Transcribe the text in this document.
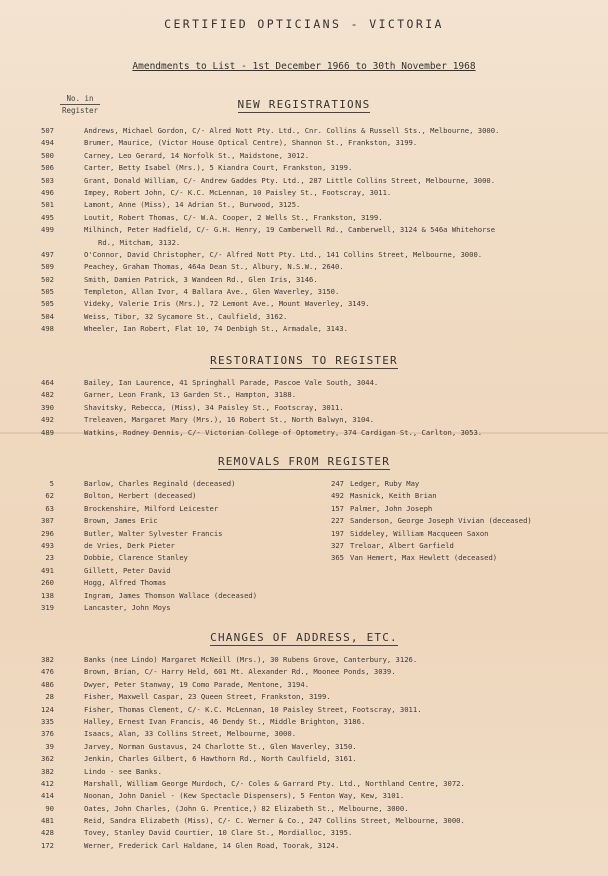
CERTIFIED OPTICIANS - VICTORIA
Amendments to List - 1st December 1966 to 30th November 1968
No. in
Register	NEW REGISTRATIONS
507	Andrews, Michael Gordon, C/- Alred Nott Pty. Ltd., Cnr. Collins & Russell Sts., Melbourne, 3000.
494	Brumer, Maurice, (Victor House Optical Centre), Shannon St., Frankston, 3199.
500	Carney, Leo Gerard, 14 Norfolk St., Maidstone, 3012.
506	Carter, Betty Isabel (Mrs.), 5 Kiandra Court, Frankston, 3199.
503	Grant, Donald William, C/- Andrew Gaddes Pty. Ltd., 287 Little Collins Street, Melbourne, 3000.
496	Impey, Robert John, C/- K.C. McLennan, 10 Paisley St., Footscray, 3011.
501	Lamont, Anne (Miss), 14 Adrian St., Burwood, 3125.
495	Loutit, Robert Thomas, C/- W.A. Cooper, 2 Wells St., Frankston, 3199.
499	Milhinch, Peter Hadfield, C/- G.H. Henry, 19 Camberwell Rd., Camberwell, 3124 & 546a Whitehorse
Rd., Mitcham, 3132.
497	O'Connor, David Christopher, C/- Alfred Nott Pty. Ltd., 141 Collins Street, Melbourne, 3000.
509	Peachey, Graham Thomas, 464a Dean St., Albury, N.S.W., 2640.
502	Smith, Damien Patrick, 3 Wandeen Rd., Glen Iris, 3146.
505	Templeton, Allan Ivor, 4 Ballara Ave., Glen Waverley, 3150.
505	Videky, Valerie Iris (Mrs.), 72 Lemont Ave., Mount Waverley, 3149.
504	Weiss, Tibor, 32 Sycamore St., Caulfield, 3162.
498	Wheeler, Ian Robert, Flat 10, 74 Denbigh St., Armadale, 3143.
RESTORATIONS TO REGISTER
464	Bailey, Ian Laurence, 41 Springhall Parade, Pascoe Vale South, 3044.
482	Garner, Leon Frank, 13 Garden St., Hampton, 3188.
390	Shavitsky, Rebecca, (Miss), 34 Paisley St., Footscray, 3011.
492	Treleaven, Margaret Mary (Mrs.), 16 Robert St., North Balwyn, 3104.
489	Watkins, Rodney Dennis, C/- Victorian College of Optometry, 374 Cardigan St., Carlton, 3053.
REMOVALS FROM REGISTER
5	Barlow, Charles Reginald (deceased)
62	Bolton, Herbert (deceased)
63	Brockenshire, Milford Leicester
307	Brown, James Eric
296	Butler, Walter Sylvester Francis
493	de Vries, Derk Pieter
23	Dobbie, Clarence Stanley
491	Gillett, Peter David
260	Hogg, Alfred Thomas
138	Ingram, James Thomson Wallace (deceased)
319	Lancaster, John Moys
247 Ledger, Ruby May
492 Masnick, Keith Brian
157 Palmer, John Joseph
227 Sanderson, George Joseph Vivian (deceased)
197 Siddeley, William Macqueen Saxon
327 Treloar, Albert Garfield
365 Van Hemert, Max Hewlett (deceased)
CHANGES OF ADDRESS, ETC.
382	Banks (nee Lindo) Margaret McNeill (Mrs.), 30 Rubens Grove, Canterbury, 3126.
476	Brown, Brian, C/- Harry Held, 601 Mt. Alexander Rd., Moonee Ponds, 3039.
486	Dwyer, Peter Stanway, 19 Como Parade, Mentone, 3194.
28	Fisher, Maxwell Caspar, 23 Queen Street, Frankston, 3199.
124	Fisher, Thomas Clement, C/- K.C. McLennan, 10 Paisley Street, Footscray, 3011.
335	Halley, Ernest Ivan Francis, 46 Dendy St., Middle Brighton, 3186.
376	Isaacs, Alan, 33 Collins Street, Melbourne, 3000.
39	Jarvey, Norman Gustavus, 24 Charlotte St., Glen Waverley, 3150.
362	Jenkin, Charles Gilbert, 6 Hawthorn Rd., North Caulfield, 3161.
382	Lindo - see Banks.
412	Marshall, William George Murdoch, C/- Coles & Garrard Pty. Ltd., Northland Centre, 3072.
414	Noonan, John Daniel - (Kew Spectacle Dispensers), 5 Fenton Way, Kew, 3101.
90	Oates, John Charles, (John G. Prentice,) 82 Elizabeth St., Melbourne, 3000.
481	Reid, Sandra Elizabeth (Miss), C/- C. Werner & Co., 247 Collins Street, Melbourne, 3000.
428	Tovey, Stanley David Courtier, 10 Clare St., Mordialloc, 3195.
172	Werner, Frederick Carl Haldane, 14 Glen Road, Toorak, 3124.
